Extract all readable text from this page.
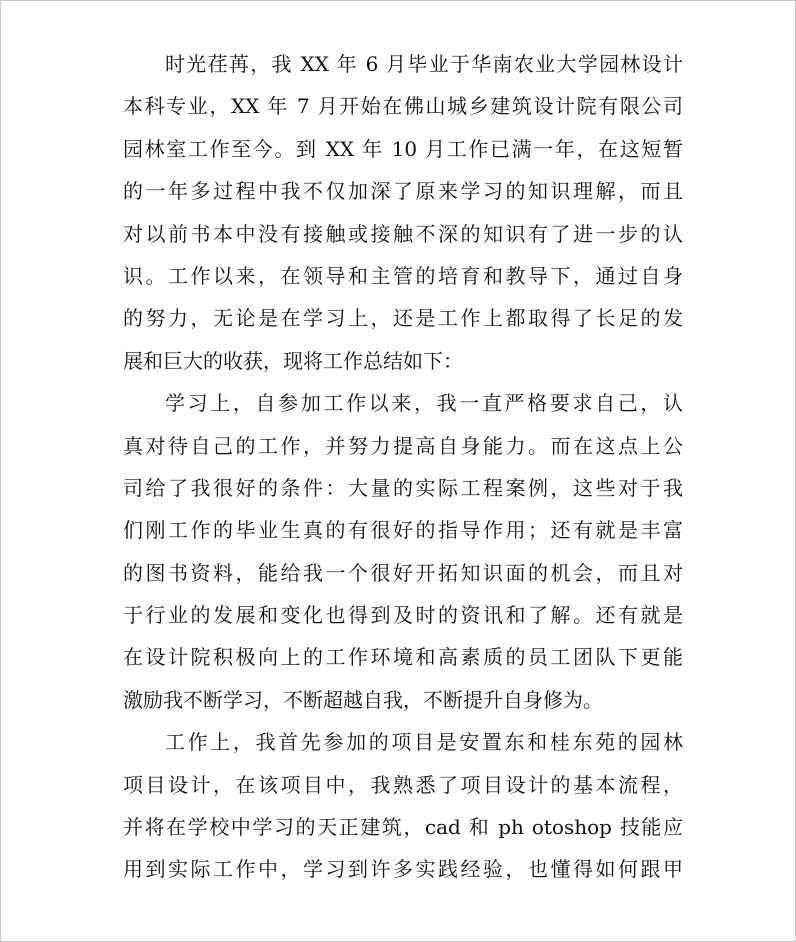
时光荏苒，我 XX 年 6 月毕业于华南农业大学园林设计
本科专业，XX 年 7 月开始在佛山城乡建筑设计院有限公司
园林室工作至今。到 XX 年 10 月工作已满一年，在这短暂
的一年多过程中我不仅加深了原来学习的知识理解，而且
对以前书本中没有接触或接触不深的知识有了进一步的认
识。工作以来，在领导和主管的培育和教导下，通过自身
的努力，无论是在学习上，还是工作上都取得了长足的发
展和巨大的收获，现将工作总结如下：
学习上，自参加工作以来，我一直严格要求自己，认
真对待自己的工作，并努力提高自身能力。而在这点上公
司给了我很好的条件：大量的实际工程案例，这些对于我
们刚工作的毕业生真的有很好的指导作用；还有就是丰富
的图书资料，能给我一个很好开拓知识面的机会，而且对
于行业的发展和变化也得到及时的资讯和了解。还有就是
在设计院积极向上的工作环境和高素质的员工团队下更能
激励我不断学习，不断超越自我，不断提升自身修为。
工作上，我首先参加的项目是安置东和桂东苑的园林
项目设计，在该项目中，我熟悉了项目设计的基本流程，
并将在学校中学习的天正建筑，cad 和 ph otoshop 技能应
用到实际工作中，学习到许多实践经验，也懂得如何跟甲
